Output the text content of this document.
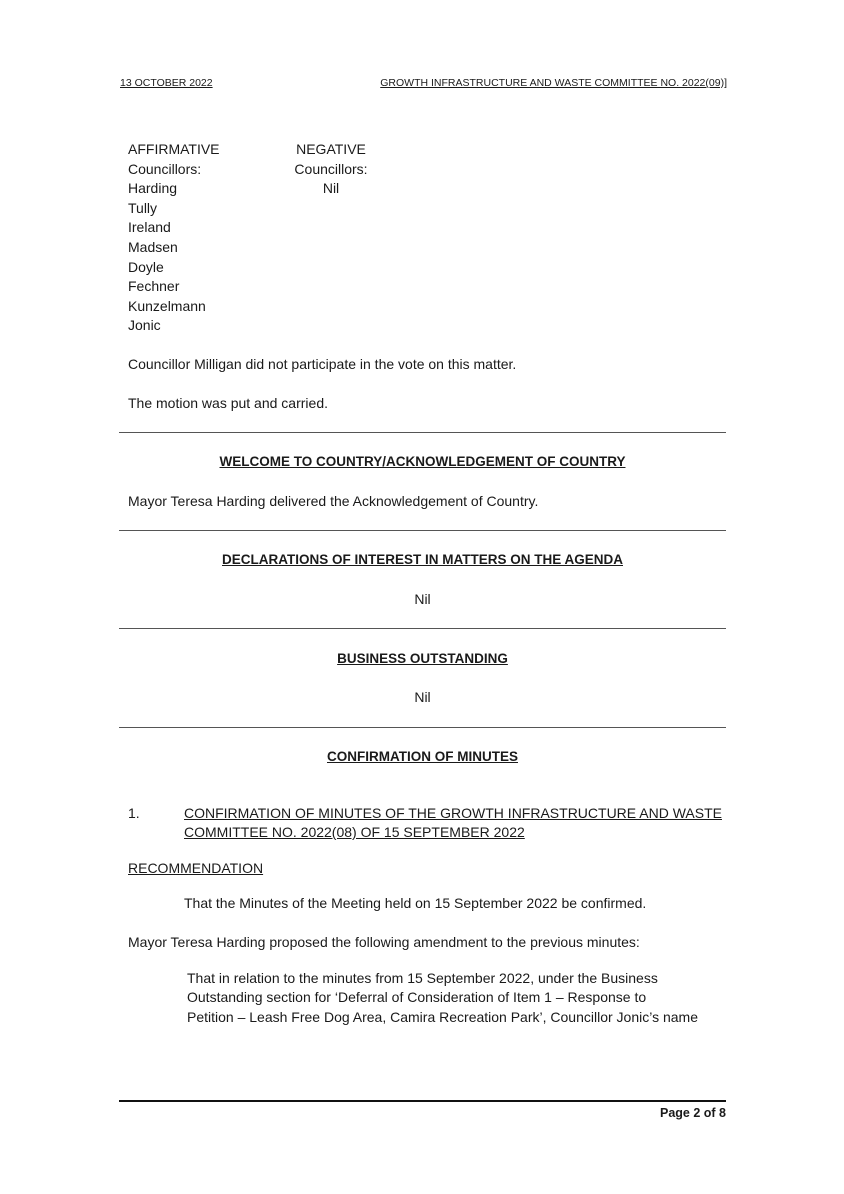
13 OCTOBER 2022	GROWTH INFRASTRUCTURE AND WASTE COMMITTEE NO. 2022(09)]
AFFIRMATIVE
Councillors:
Harding
Tully
Ireland
Madsen
Doyle
Fechner
Kunzelmann
Jonic
NEGATIVE
Councillors:
Nil
Councillor Milligan did not participate in the vote on this matter.
The motion was put and carried.
WELCOME TO COUNTRY/ACKNOWLEDGEMENT OF COUNTRY
Mayor Teresa Harding delivered the Acknowledgement of Country.
DECLARATIONS OF INTEREST IN MATTERS ON THE AGENDA
Nil
BUSINESS OUTSTANDING
Nil
CONFIRMATION OF MINUTES
1.	CONFIRMATION OF MINUTES OF THE GROWTH INFRASTRUCTURE AND WASTE
COMMITTEE NO. 2022(08) OF 15 SEPTEMBER 2022
RECOMMENDATION
That the Minutes of the Meeting held on 15 September 2022 be confirmed.
Mayor Teresa Harding proposed the following amendment to the previous minutes:
That in relation to the minutes from 15 September 2022, under the Business
Outstanding section for ‘Deferral of Consideration of Item 1 – Response to
Petition – Leash Free Dog Area, Camira Recreation Park’, Councillor Jonic’s name
Page 2 of 8
